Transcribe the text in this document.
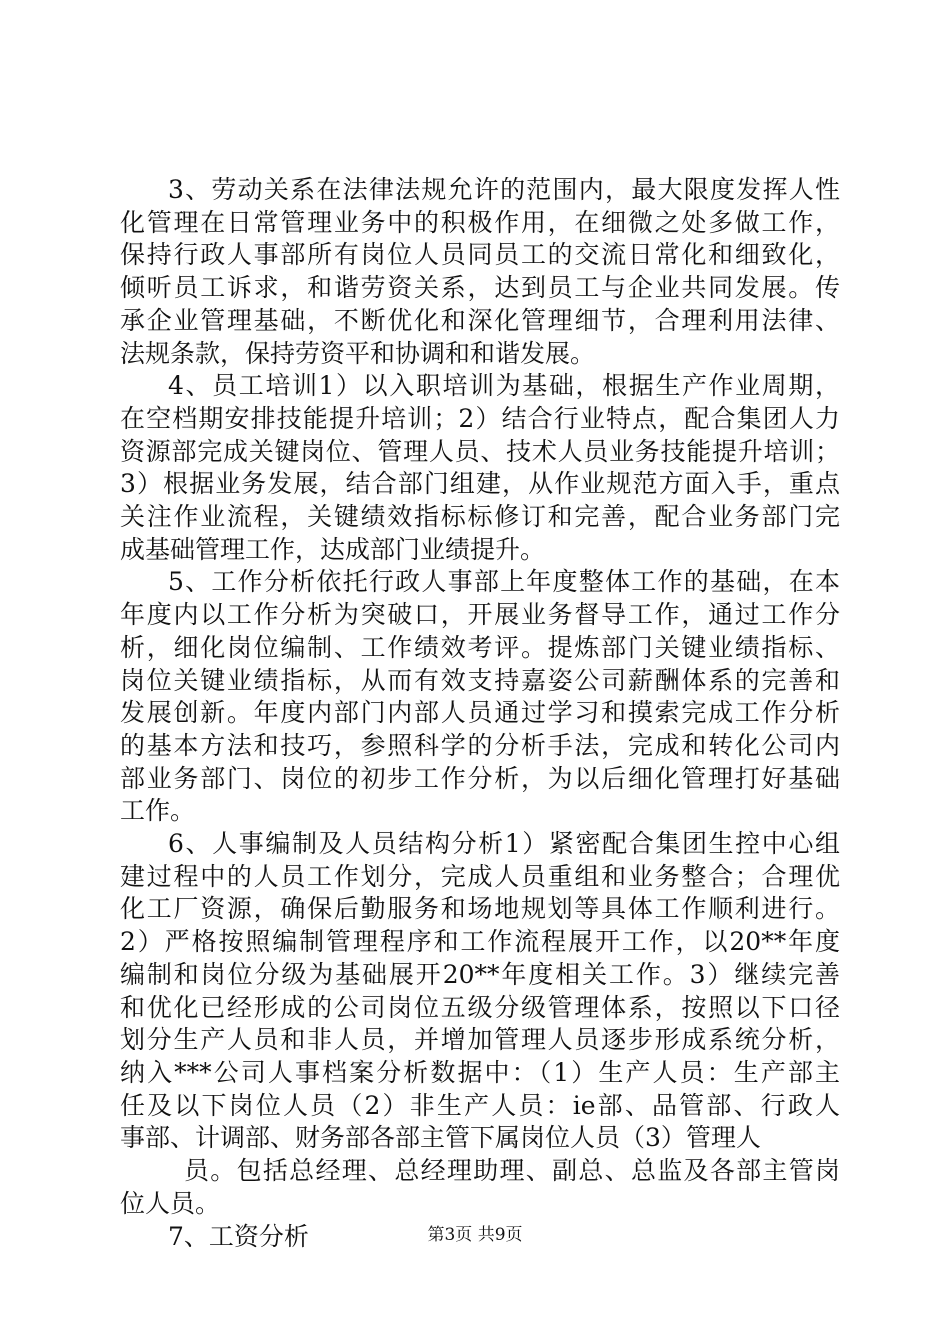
3、劳动关系在法律法规允许的范围内，最大限度发挥人性
化管理在日常管理业务中的积极作用，在细微之处多做工作，
保持行政人事部所有岗位人员同员工的交流日常化和细致化，
倾听员工诉求，和谐劳资关系，达到员工与企业共同发展。传
承企业管理基础，不断优化和深化管理细节，合理利用法律、
法规条款，保持劳资平和协调和和谐发展。
4、员工培训1）以入职培训为基础，根据生产作业周期，
在空档期安排技能提升培训；2）结合行业特点，配合集团人力
资源部完成关键岗位、管理人员、技术人员业务技能提升培训；
3）根据业务发展，结合部门组建，从作业规范方面入手，重点
关注作业流程，关键绩效指标标修订和完善，配合业务部门完
成基础管理工作，达成部门业绩提升。
5、工作分析依托行政人事部上年度整体工作的基础，在本
年度内以工作分析为突破口，开展业务督导工作，通过工作分
析，细化岗位编制、工作绩效考评。提炼部门关键业绩指标、
岗位关键业绩指标，从而有效支持嘉姿公司薪酬体系的完善和
发展创新。年度内部门内部人员通过学习和摸索完成工作分析
的基本方法和技巧，参照科学的分析手法，完成和转化公司内
部业务部门、岗位的初步工作分析，为以后细化管理打好基础
工作。
6、人事编制及人员结构分析1）紧密配合集团生控中心组
建过程中的人员工作划分，完成人员重组和业务整合；合理优
化工厂资源，确保后勤服务和场地规划等具体工作顺利进行。
2）严格按照编制管理程序和工作流程展开工作，以20**年度
编制和岗位分级为基础展开20**年度相关工作。3）继续完善
和优化已经形成的公司岗位五级分级管理体系，按照以下口径
划分生产人员和非人员，并增加管理人员逐步形成系统分析，
纳入***公司人事档案分析数据中：（1）生产人员：生产部主
任及以下岗位人员（2）非生产人员：ie部、品管部、行政人
事部、计调部、财务部各部主管下属岗位人员（3）管理人
员。包括总经理、总经理助理、副总、总监及各部主管岗
位人员。
7、工资分析	第3页 共9页
